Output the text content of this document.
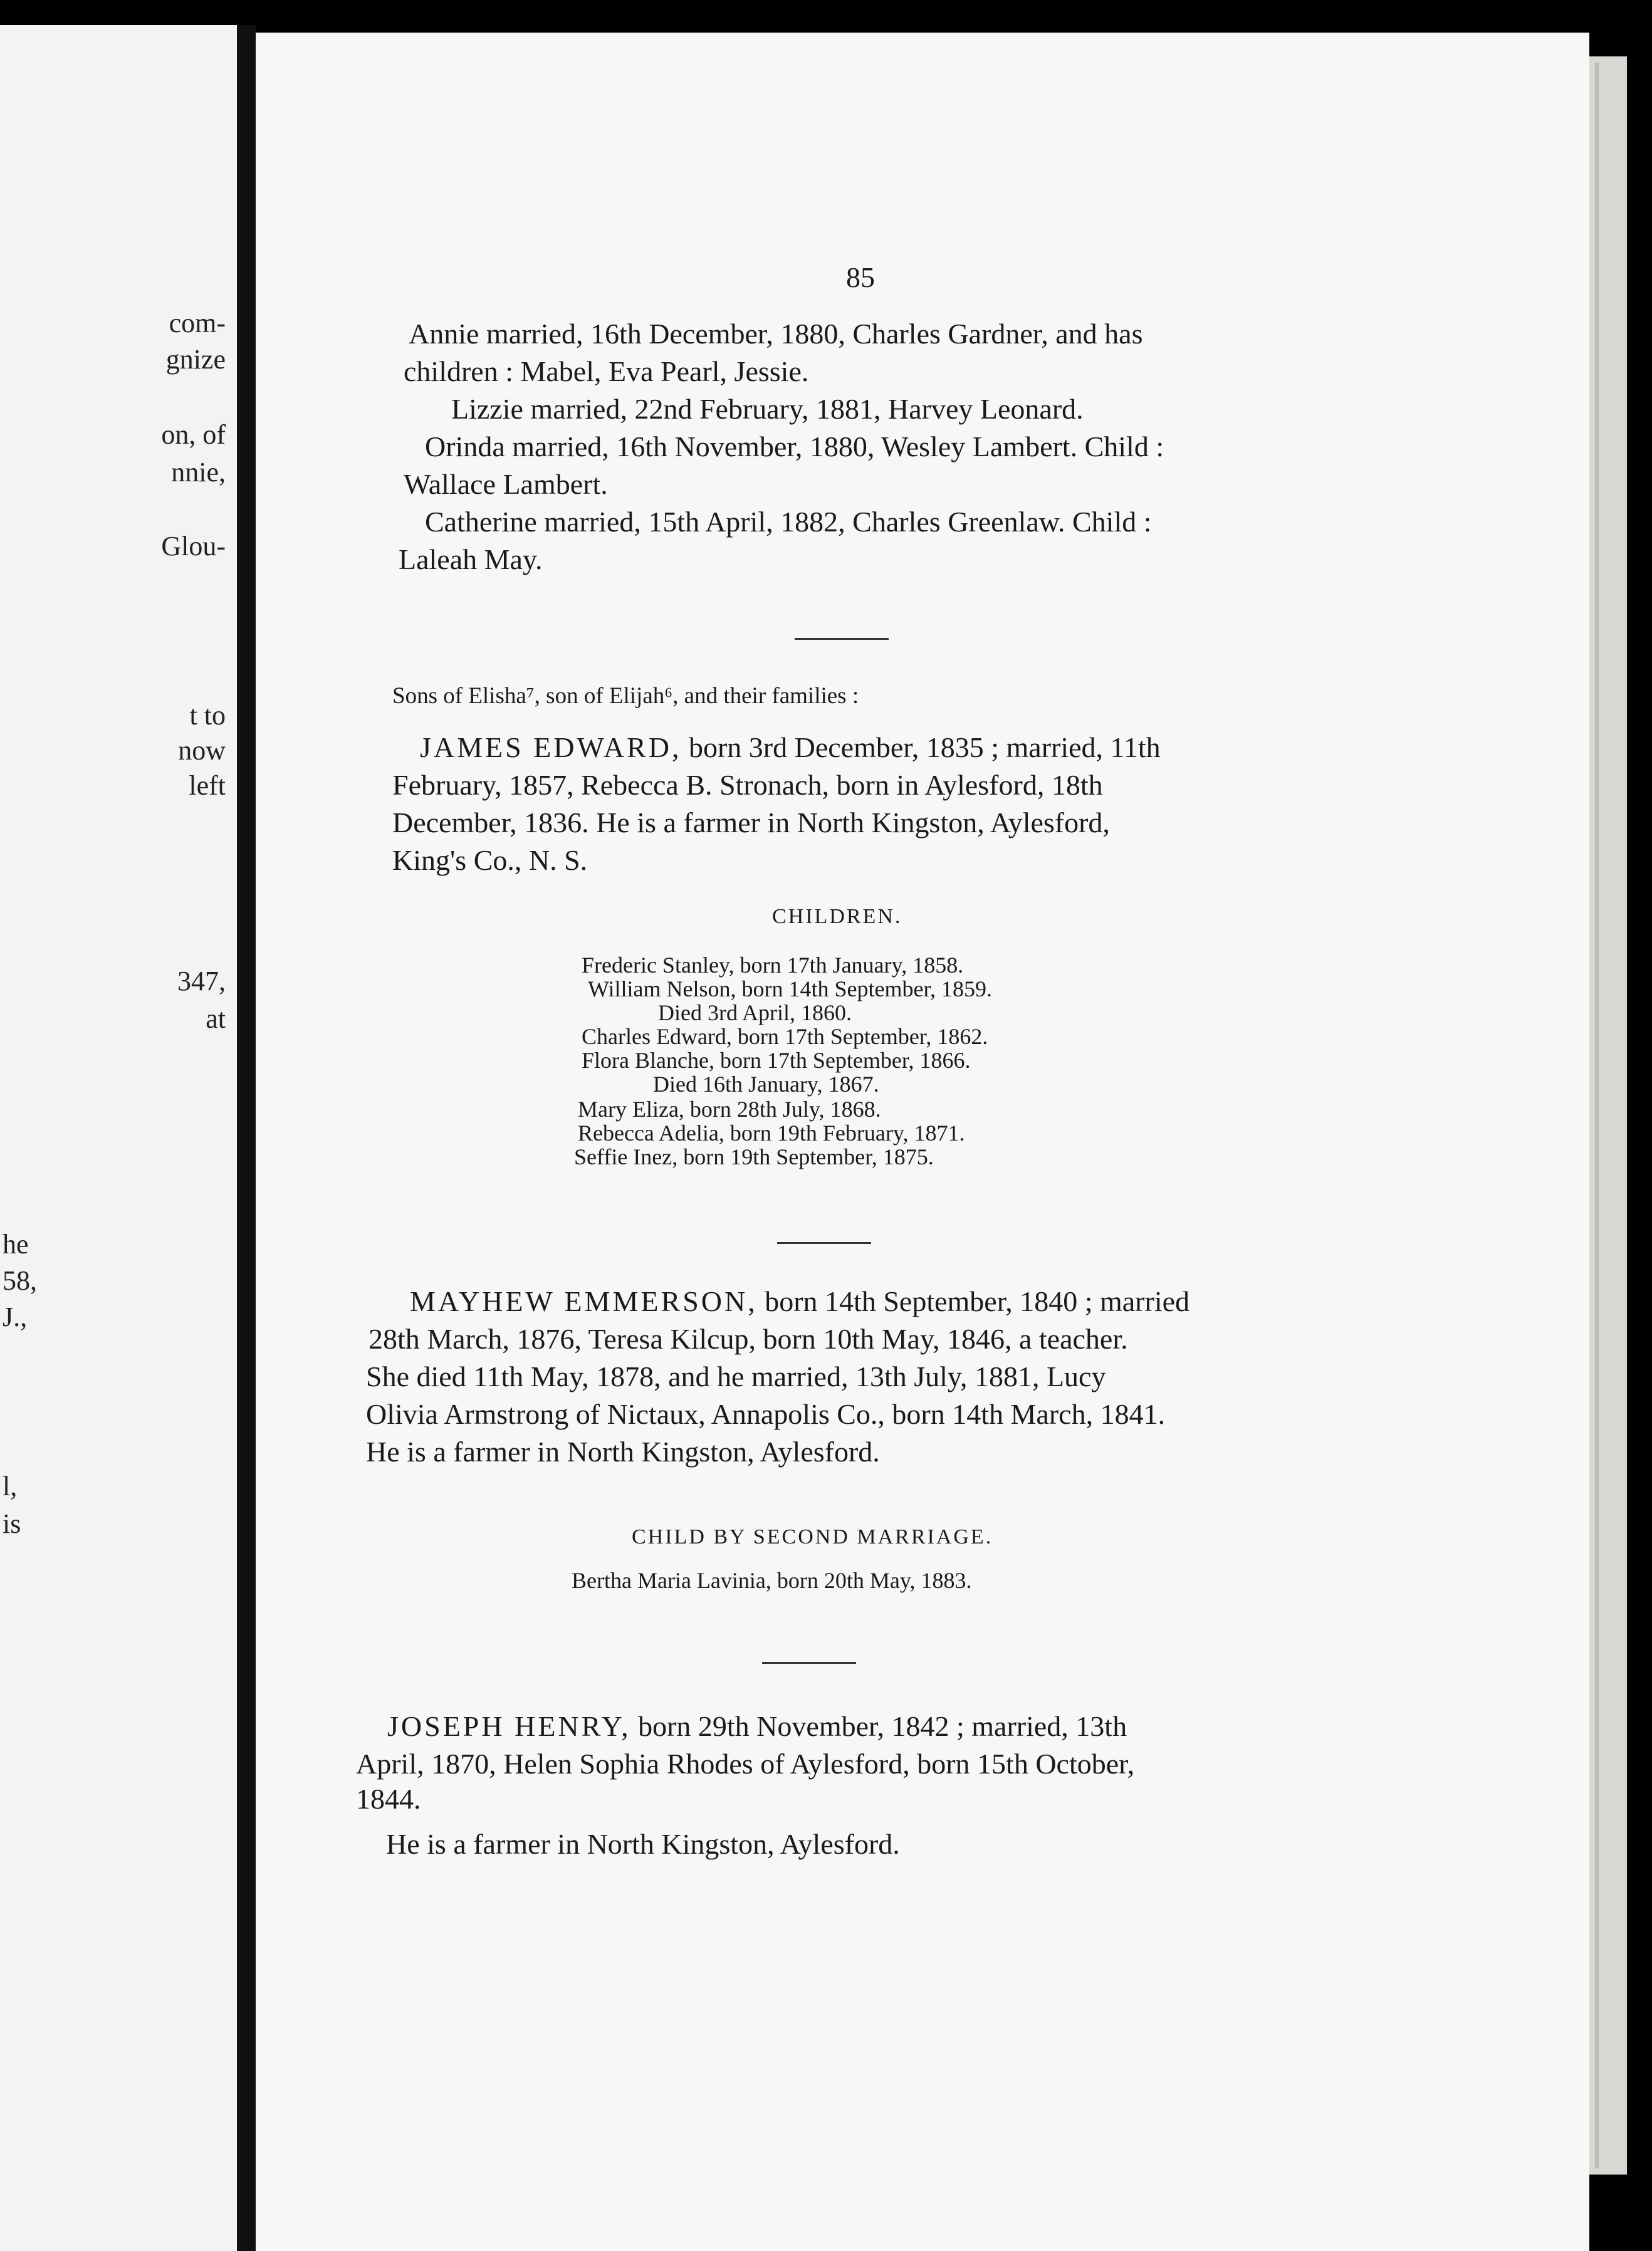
com-
gnize
on, of
nnie,
Glou-
t to
now
left
347,
at
he
58,
J.,
l,
is
85
Annie married, 16th December, 1880, Charles Gardner, and has
children : Mabel, Eva Pearl, Jessie.
Lizzie married, 22nd February, 1881, Harvey Leonard.
Orinda married, 16th November, 1880, Wesley Lambert. Child :
Wallace Lambert.
Catherine married, 15th April, 1882, Charles Greenlaw. Child :
Laleah May.
Sons of Elisha⁷, son of Elijah⁶, and their families :
JAMES EDWARD, born 3rd December, 1835 ; married, 11th
February, 1857, Rebecca B. Stronach, born in Aylesford, 18th
December, 1836. He is a farmer in North Kingston, Aylesford,
King's Co., N. S.
CHILDREN.
Frederic Stanley, born 17th January, 1858.
William Nelson, born 14th September, 1859.
Died 3rd April, 1860.
Charles Edward, born 17th September, 1862.
Flora Blanche, born 17th September, 1866.
Died 16th January, 1867.
Mary Eliza, born 28th July, 1868.
Rebecca Adelia, born 19th February, 1871.
Seffie Inez, born 19th September, 1875.
MAYHEW EMMERSON, born 14th September, 1840 ; married
28th March, 1876, Teresa Kilcup, born 10th May, 1846, a teacher.
She died 11th May, 1878, and he married, 13th July, 1881, Lucy
Olivia Armstrong of Nictaux, Annapolis Co., born 14th March, 1841.
He is a farmer in North Kingston, Aylesford.
CHILD BY SECOND MARRIAGE.
Bertha Maria Lavinia, born 20th May, 1883.
JOSEPH HENRY, born 29th November, 1842 ; married, 13th
April, 1870, Helen Sophia Rhodes of Aylesford, born 15th October,
1844.
He is a farmer in North Kingston, Aylesford.
